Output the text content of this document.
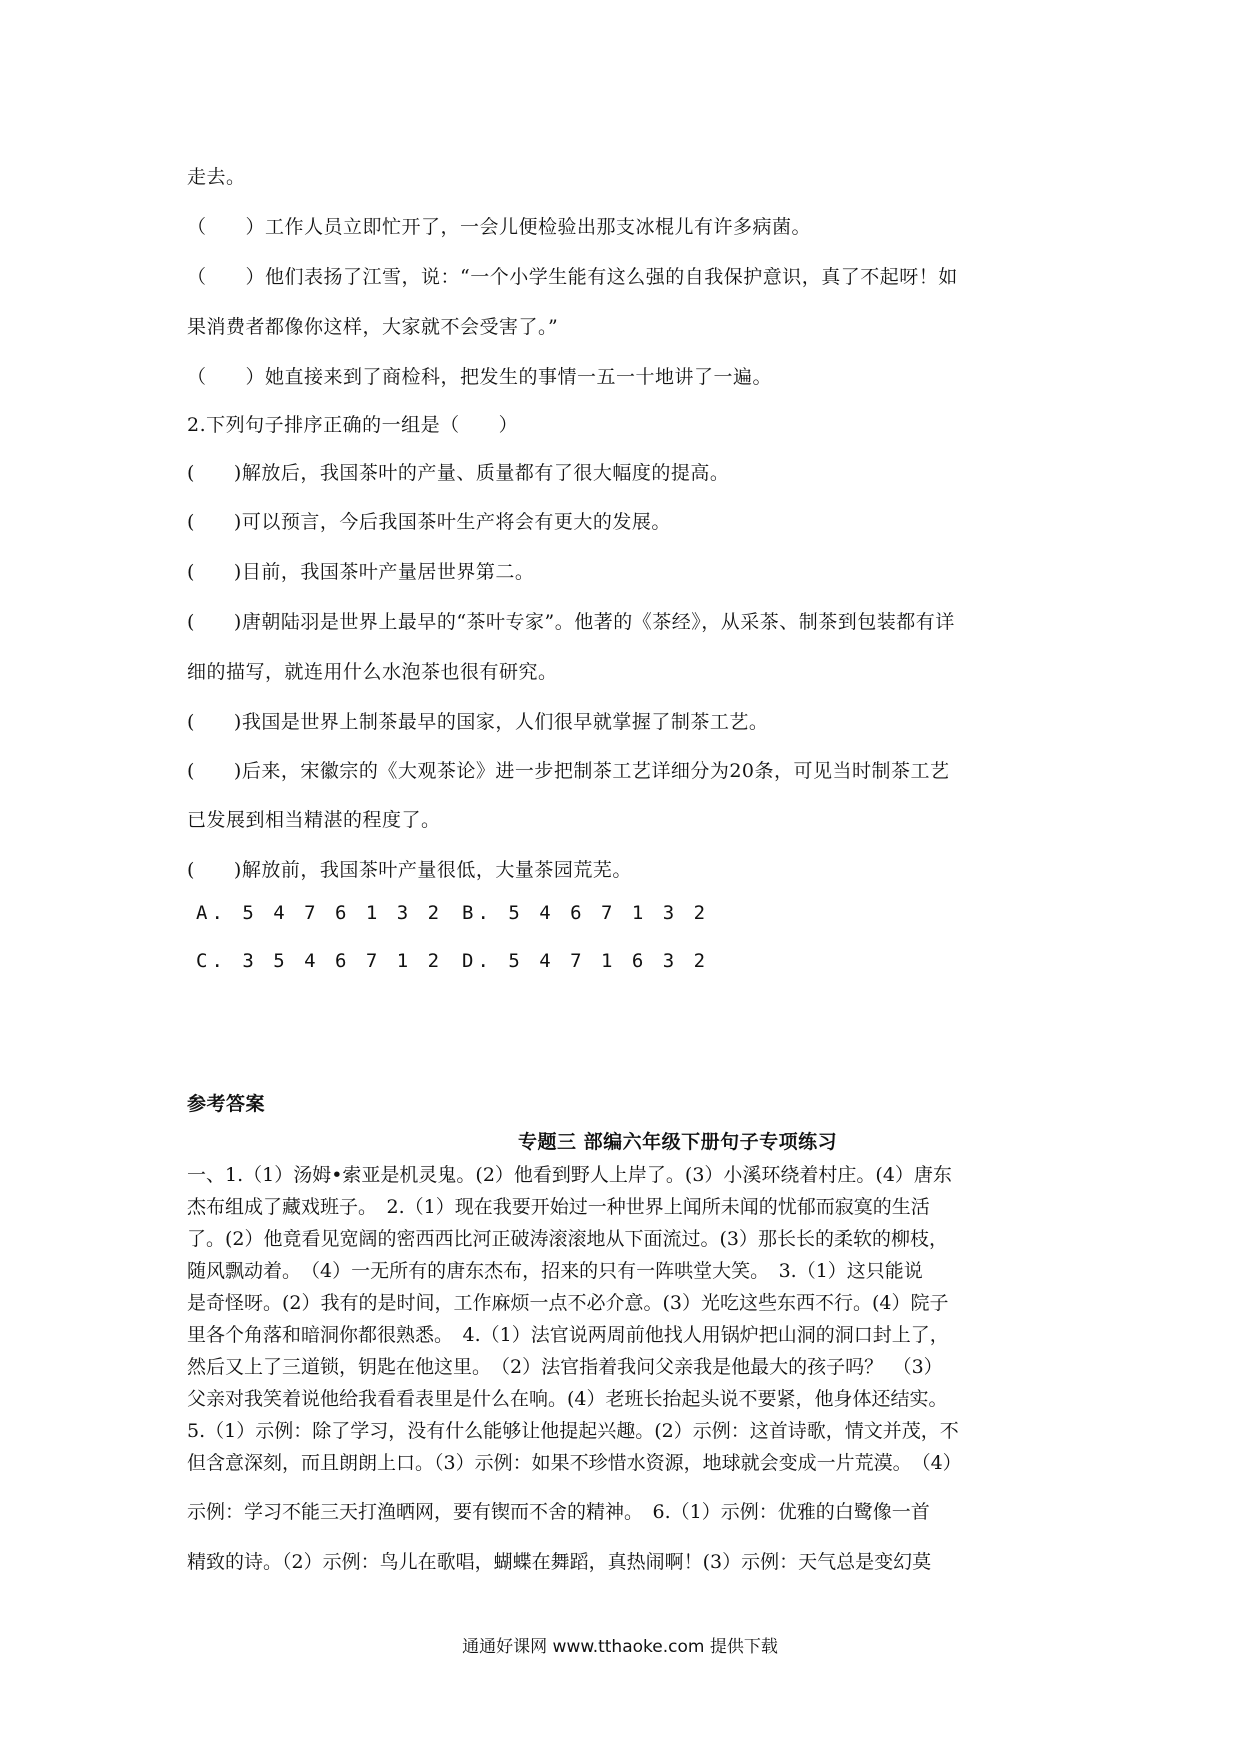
走去。
（　　）工作人员立即忙开了，一会儿便检验出那支冰棍儿有许多病菌。
（　　）他们表扬了江雪，说：“一个小学生能有这么强的自我保护意识，真了不起呀！如
果消费者都像你这样，大家就不会受害了。”
（　　）她直接来到了商检科，把发生的事情一五一十地讲了一遍。
2.下列句子排序正确的一组是（　　）
(　　)解放后，我国茶叶的产量、质量都有了很大幅度的提高。
(　　)可以预言，今后我国茶叶生产将会有更大的发展。
(　　)目前，我国茶叶产量居世界第二。
(　　)唐朝陆羽是世界上最早的“茶叶专家”。他著的《茶经》，从采茶、制茶到包装都有详
细的描写，就连用什么水泡茶也很有研究。
(　　)我国是世界上制茶最早的国家，人们很早就掌握了制茶工艺。
(　　)后来，宋徽宗的《大观茶论》进一步把制茶工艺详细分为20条，可见当时制茶工艺
已发展到相当精湛的程度了。
(　　)解放前，我国茶叶产量很低，大量茶园荒芜。
A. 5 4 7 6 1 3 2 B. 5 4 6 7 1 3 2
C. 3 5 4 6 7 1 2 D. 5 4 7 1 6 3 2
参考答案
专题三 部编六年级下册句子专项练习
一、1.（1）汤姆•索亚是机灵鬼。(2）他看到野人上岸了。(3）小溪环绕着村庄。(4）唐东
杰布组成了藏戏班子。　2.（1）现在我要开始过一种世界上闻所未闻的忧郁而寂寞的生活
了。(2）他竟看见宽阔的密西西比河正破涛滚滚地从下面流过。(3）那长长的柔软的柳枝，
随风飘动着。　（4）一无所有的唐东杰布，招来的只有一阵哄堂大笑。　3.（1）这只能说
是奇怪呀。(2）我有的是时间，工作麻烦一点不必介意。(3）光吃这些东西不行。(4）院子
里各个角落和暗洞你都很熟悉。　4.（1）法官说两周前他找人用锅炉把山洞的洞口封上了，
然后又上了三道锁，钥匙在他这里。　（2）法官指着我问父亲我是他最大的孩子吗？　（3）
父亲对我笑着说他给我看看表里是什么在响。(4）老班长抬起头说不要紧，他身体还结实。
5.（1）示例：除了学习，没有什么能够让他提起兴趣。(2）示例：这首诗歌，情文并茂，不
但含意深刻，而且朗朗上口。（3）示例：如果不珍惜水资源，地球就会变成一片荒漠。　（4）
示例：学习不能三天打渔晒网，要有锲而不舍的精神。　6.（1）示例：优雅的白鹭像一首
精致的诗。（2）示例：鸟儿在歌唱，蝴蝶在舞蹈，真热闹啊！(3）示例：天气总是变幻莫
通通好课网 www.tthaoke.com 提供下载
